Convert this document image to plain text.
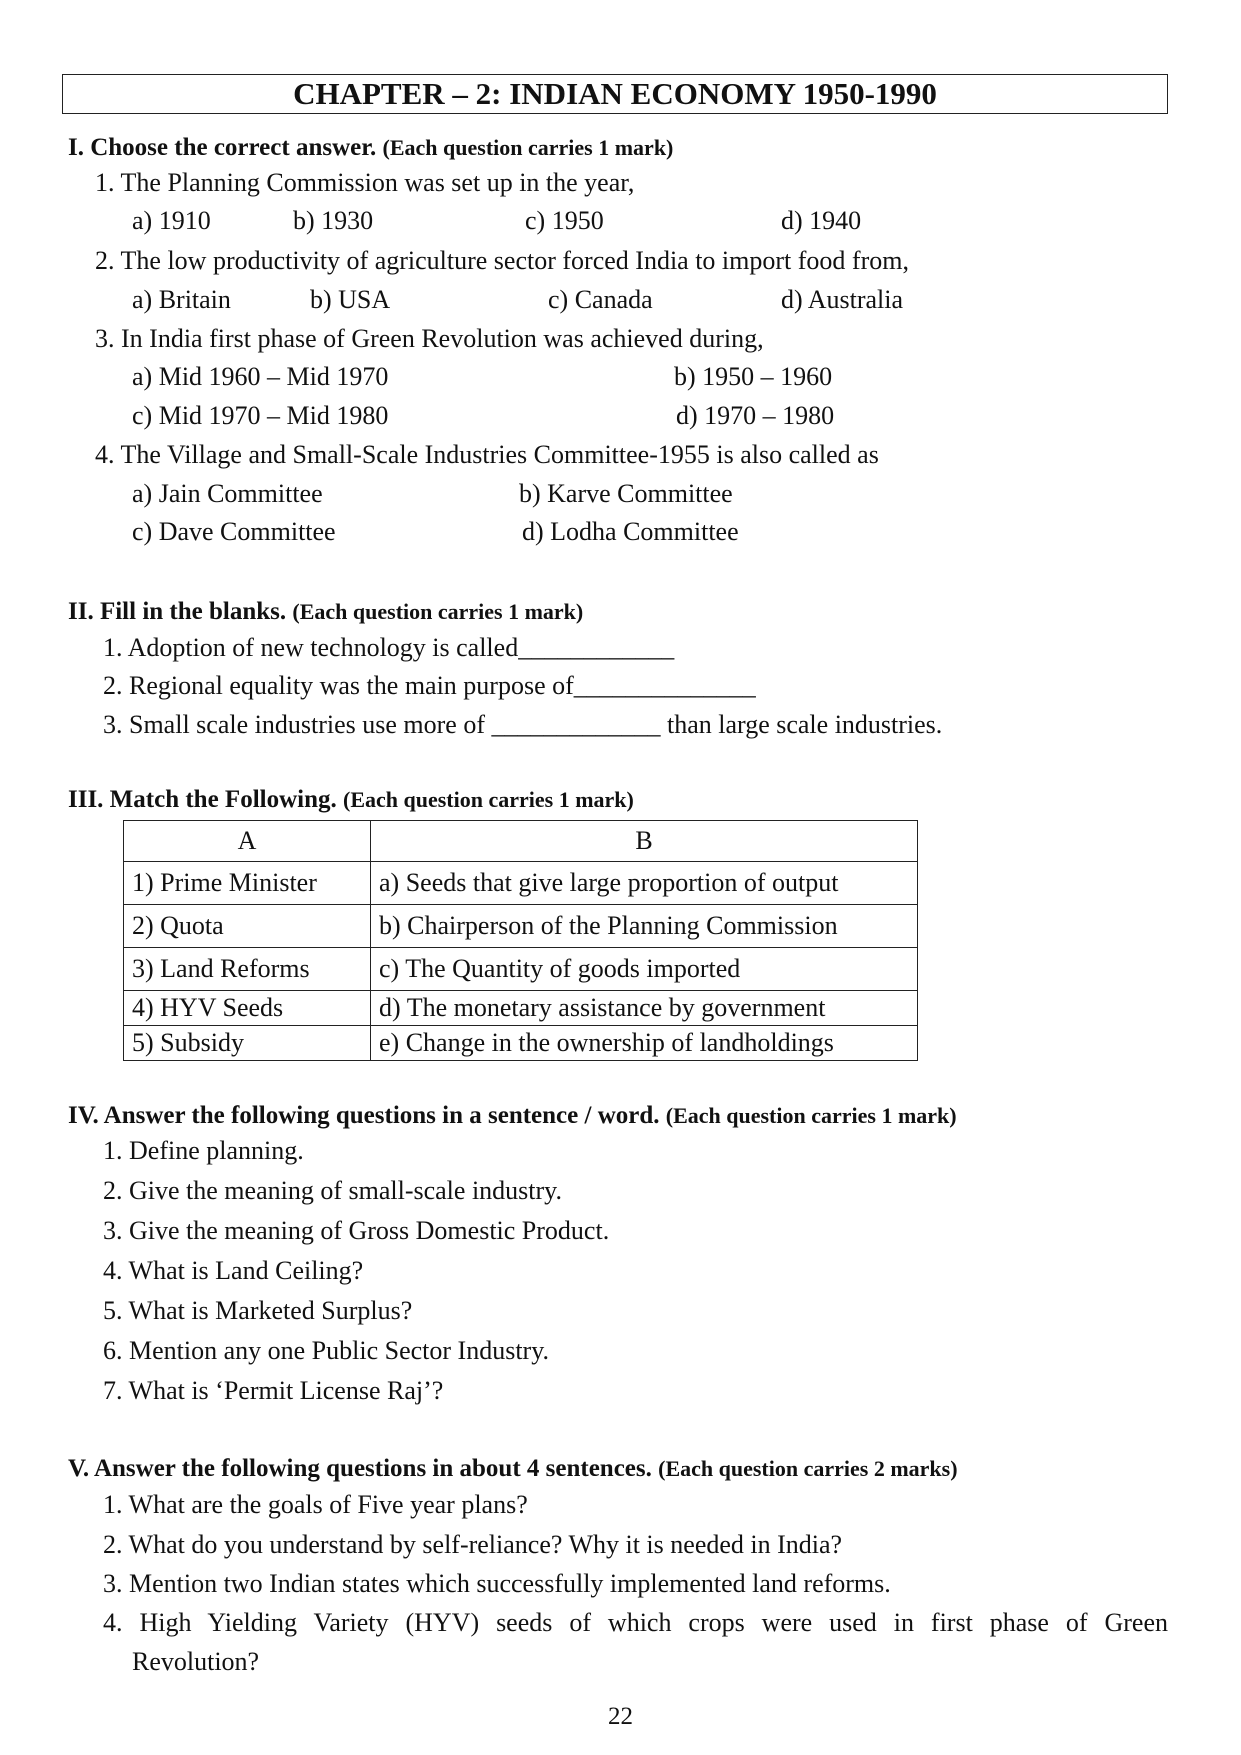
CHAPTER – 2: INDIAN ECONOMY 1950-1990
I. Choose the correct answer. (Each question carries 1 mark)
1. The Planning Commission was set up in the year,
a) 1910	b) 1930	c) 1950	d) 1940
2. The low productivity of agriculture sector forced India to import food from,
a) Britain	b) USA	c) Canada	d) Australia
3. In India first phase of Green Revolution was achieved during,
a) Mid 1960 – Mid 1970	b) 1950 – 1960
c) Mid 1970 – Mid 1980	d) 1970 – 1980
4. The Village and Small-Scale Industries Committee-1955 is also called as
a) Jain Committee	b) Karve Committee
c) Dave Committee	d) Lodha Committee
II. Fill in the blanks. (Each question carries 1 mark)
1. Adoption of new technology is called____________
2. Regional equality was the main purpose of______________
3. Small scale industries use more of _____________ than large scale industries.
III. Match the Following. (Each question carries 1 mark)
A	B
1) Prime Minister	a) Seeds that give large proportion of output
2) Quota	b) Chairperson of the Planning Commission
3) Land Reforms	c) The Quantity of goods imported
4) HYV Seeds	d) The monetary assistance by government
5) Subsidy	e) Change in the ownership of landholdings
IV. Answer the following questions in a sentence / word. (Each question carries 1 mark)
1. Define planning.
2. Give the meaning of small-scale industry.
3. Give the meaning of Gross Domestic Product.
4. What is Land Ceiling?
5. What is Marketed Surplus?
6. Mention any one Public Sector Industry.
7. What is ‘Permit License Raj’?
V. Answer the following questions in about 4 sentences. (Each question carries 2 marks)
1. What are the goals of Five year plans?
2. What do you understand by self-reliance? Why it is needed in India?
3. Mention two Indian states which successfully implemented land reforms.
4. High Yielding Variety (HYV) seeds of which crops were used in first phase of Green
Revolution?
22
